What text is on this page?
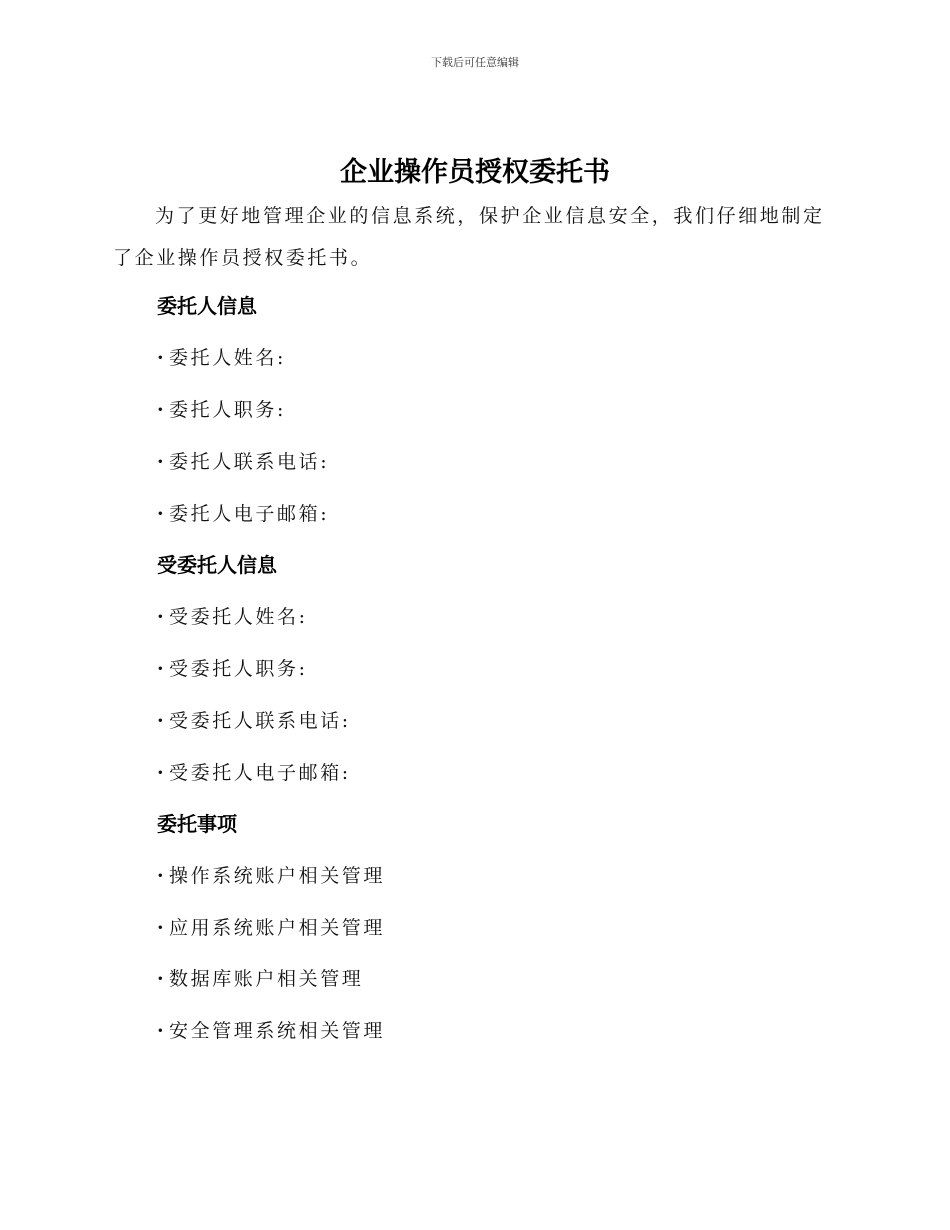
下载后可任意编辑
企业操作员授权委托书

为了更好地管理企业的信息系统，保护企业信息安全，我们仔细地制定了企业操作员授权委托书。

委托人信息

· 委托人姓名:

· 委托人职务:

· 委托人联系电话:

· 委托人电子邮箱:

受委托人信息

· 受委托人姓名:

· 受委托人职务:

· 受委托人联系电话:

· 受委托人电子邮箱:

委托事项

· 操作系统账户相关管理

· 应用系统账户相关管理

· 数据库账户相关管理

· 安全管理系统相关管理
